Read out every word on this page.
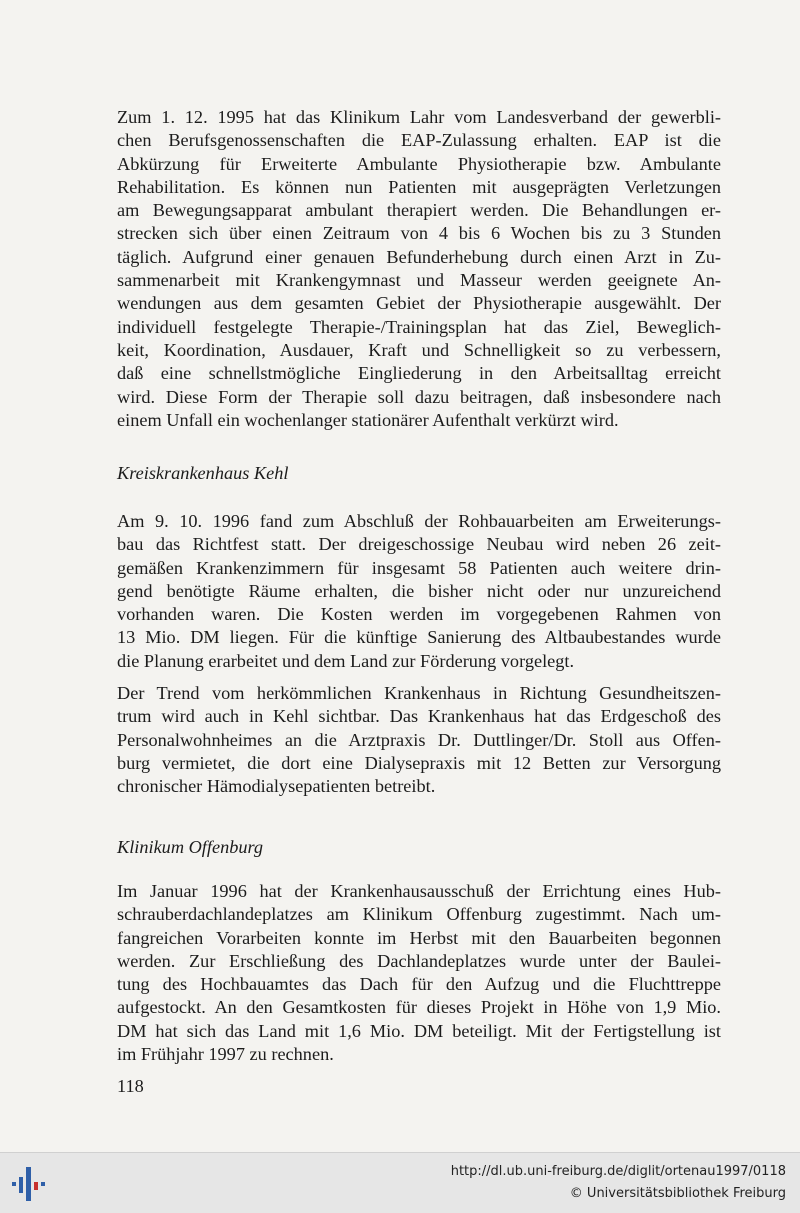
Zum 1. 12. 1995 hat das Klinikum Lahr vom Landesverband der gewerbli-
chen Berufsgenossenschaften die EAP-Zulassung erhalten. EAP ist die
Abkürzung für Erweiterte Ambulante Physiotherapie bzw. Ambulante
Rehabilitation. Es können nun Patienten mit ausgeprägten Verletzungen
am Bewegungsapparat ambulant therapiert werden. Die Behandlungen er-
strecken sich über einen Zeitraum von 4 bis 6 Wochen bis zu 3 Stunden
täglich. Aufgrund einer genauen Befunderhebung durch einen Arzt in Zu-
sammenarbeit mit Krankengymnast und Masseur werden geeignete An-
wendungen aus dem gesamten Gebiet der Physiotherapie ausgewählt. Der
individuell festgelegte Therapie-/Trainingsplan hat das Ziel, Beweglich-
keit, Koordination, Ausdauer, Kraft und Schnelligkeit so zu verbessern,
daß eine schnellstmögliche Eingliederung in den Arbeitsalltag erreicht
wird. Diese Form der Therapie soll dazu beitragen, daß insbesondere nach
einem Unfall ein wochenlanger stationärer Aufenthalt verkürzt wird.

Kreiskrankenhaus Kehl

Am 9. 10. 1996 fand zum Abschluß der Rohbauarbeiten am Erweiterungs-
bau das Richtfest statt. Der dreigeschossige Neubau wird neben 26 zeit-
gemäßen Krankenzimmern für insgesamt 58 Patienten auch weitere drin-
gend benötigte Räume erhalten, die bisher nicht oder nur unzureichend
vorhanden waren. Die Kosten werden im vorgegebenen Rahmen von
13 Mio. DM liegen. Für die künftige Sanierung des Altbaubestandes wurde
die Planung erarbeitet und dem Land zur Förderung vorgelegt.

Der Trend vom herkömmlichen Krankenhaus in Richtung Gesundheitszen-
trum wird auch in Kehl sichtbar. Das Krankenhaus hat das Erdgeschoß des
Personalwohnheimes an die Arztpraxis Dr. Duttlinger/Dr. Stoll aus Offen-
burg vermietet, die dort eine Dialysepraxis mit 12 Betten zur Versorgung
chronischer Hämodialysepatienten betreibt.

Klinikum Offenburg

Im Januar 1996 hat der Krankenhausausschuß der Errichtung eines Hub-
schrauberdachlandeplatzes am Klinikum Offenburg zugestimmt. Nach um-
fangreichen Vorarbeiten konnte im Herbst mit den Bauarbeiten begonnen
werden. Zur Erschließung des Dachlandeplatzes wurde unter der Baulei-
tung des Hochbauamtes das Dach für den Aufzug und die Fluchttreppe
aufgestockt. An den Gesamtkosten für dieses Projekt in Höhe von 1,9 Mio.
DM hat sich das Land mit 1,6 Mio. DM beteiligt. Mit der Fertigstellung ist
im Frühjahr 1997 zu rechnen.

118

http://dl.ub.uni-freiburg.de/diglit/ortenau1997/0118

© Universitätsbibliothek Freiburg
